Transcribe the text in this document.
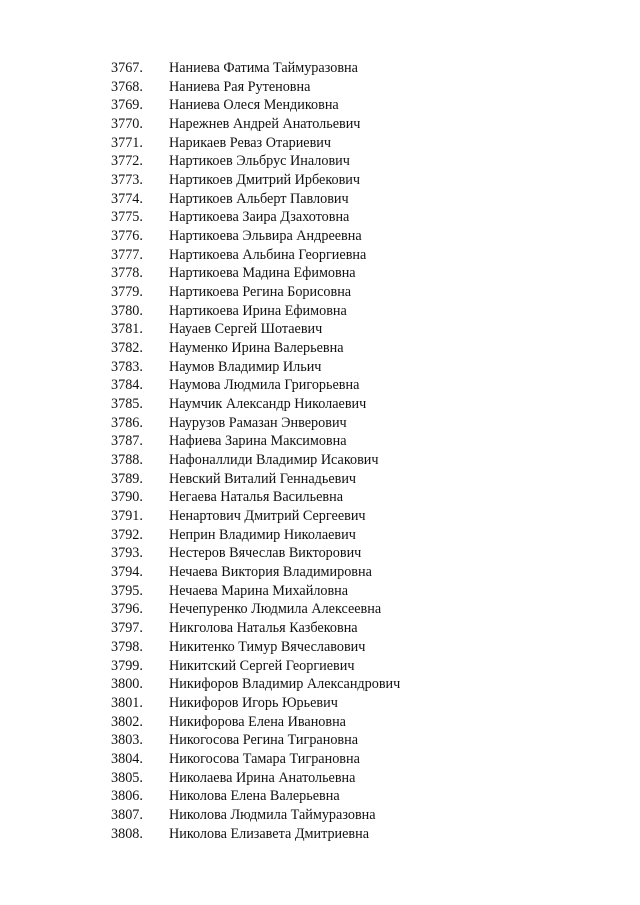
3767.	Наниева Фатима Таймуразовна
3768.	Наниева Рая Рутеновна
3769.	Наниева Олеся Мендиковна
3770.	Нарежнев Андрей Анатольевич
3771.	Нарикаев Реваз Отариевич
3772.	Нартикоев Эльбрус Иналович
3773.	Нартикоев Дмитрий Ирбекович
3774.	Нартикоев Альберт Павлович
3775.	Нартикоева Заира Дзахотовна
3776.	Нартикоева Эльвира Андреевна
3777.	Нартикоева Альбина Георгиевна
3778.	Нартикоева Мадина Ефимовна
3779.	Нартикоева Регина Борисовна
3780.	Нартикоева Ирина Ефимовна
3781.	Науаев Сергей Шотаевич
3782.	Науменко Ирина Валерьевна
3783.	Наумов Владимир Ильич
3784.	Наумова Людмила Григорьевна
3785.	Наумчик Александр Николаевич
3786.	Наурузов Рамазан Энверович
3787.	Нафиева Зарина Максимовна
3788.	Нафоналлиди Владимир Исакович
3789.	Невский Виталий Геннадьевич
3790.	Негаева Наталья Васильевна
3791.	Ненартович Дмитрий Сергеевич
3792.	Неприн Владимир Николаевич
3793.	Нестеров Вячеслав Викторович
3794.	Нечаева Виктория Владимировна
3795.	Нечаева Марина Михайловна
3796.	Нечепуренко Людмила Алексеевна
3797.	Никголова Наталья Казбековна
3798.	Никитенко Тимур Вячеславович
3799.	Никитский Сергей Георгиевич
3800.	Никифоров Владимир Александрович
3801.	Никифоров Игорь Юрьевич
3802.	Никифорова Елена Ивановна
3803.	Никогосова Регина Тиграновна
3804.	Никогосова Тамара Тиграновна
3805.	Николаева Ирина Анатольевна
3806.	Николова Елена Валерьевна
3807.	Николова Людмила Таймуразовна
3808.	Николова Елизавета Дмитриевна
